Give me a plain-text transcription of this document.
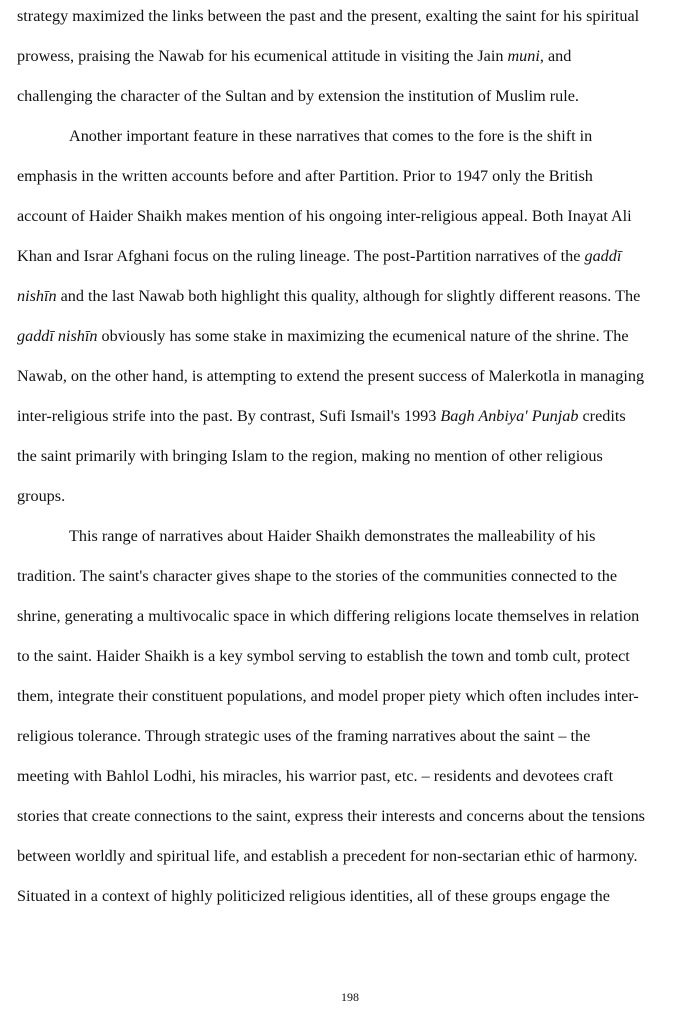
strategy maximized the links between the past and the present, exalting the saint for his spiritual
prowess, praising the Nawab for his ecumenical attitude in visiting the Jain muni, and
challenging the character of the Sultan and by extension the institution of Muslim rule.
Another important feature in these narratives that comes to the fore is the shift in
emphasis in the written accounts before and after Partition. Prior to 1947 only the British
account of Haider Shaikh makes mention of his ongoing inter-religious appeal. Both Inayat Ali
Khan and Israr Afghani focus on the ruling lineage. The post-Partition narratives of the gaddī
nishīn and the last Nawab both highlight this quality, although for slightly different reasons. The
gaddī nishīn obviously has some stake in maximizing the ecumenical nature of the shrine. The
Nawab, on the other hand, is attempting to extend the present success of Malerkotla in managing
inter-religious strife into the past. By contrast, Sufi Ismail's 1993 Bagh Anbiya' Punjab credits
the saint primarily with bringing Islam to the region, making no mention of other religious
groups.
This range of narratives about Haider Shaikh demonstrates the malleability of his
tradition. The saint's character gives shape to the stories of the communities connected to the
shrine, generating a multivocalic space in which differing religions locate themselves in relation
to the saint. Haider Shaikh is a key symbol serving to establish the town and tomb cult, protect
them, integrate their constituent populations, and model proper piety which often includes inter-
religious tolerance. Through strategic uses of the framing narratives about the saint – the
meeting with Bahlol Lodhi, his miracles, his warrior past, etc. – residents and devotees craft
stories that create connections to the saint, express their interests and concerns about the tensions
between worldly and spiritual life, and establish a precedent for non-sectarian ethic of harmony.
Situated in a context of highly politicized religious identities, all of these groups engage the
198
